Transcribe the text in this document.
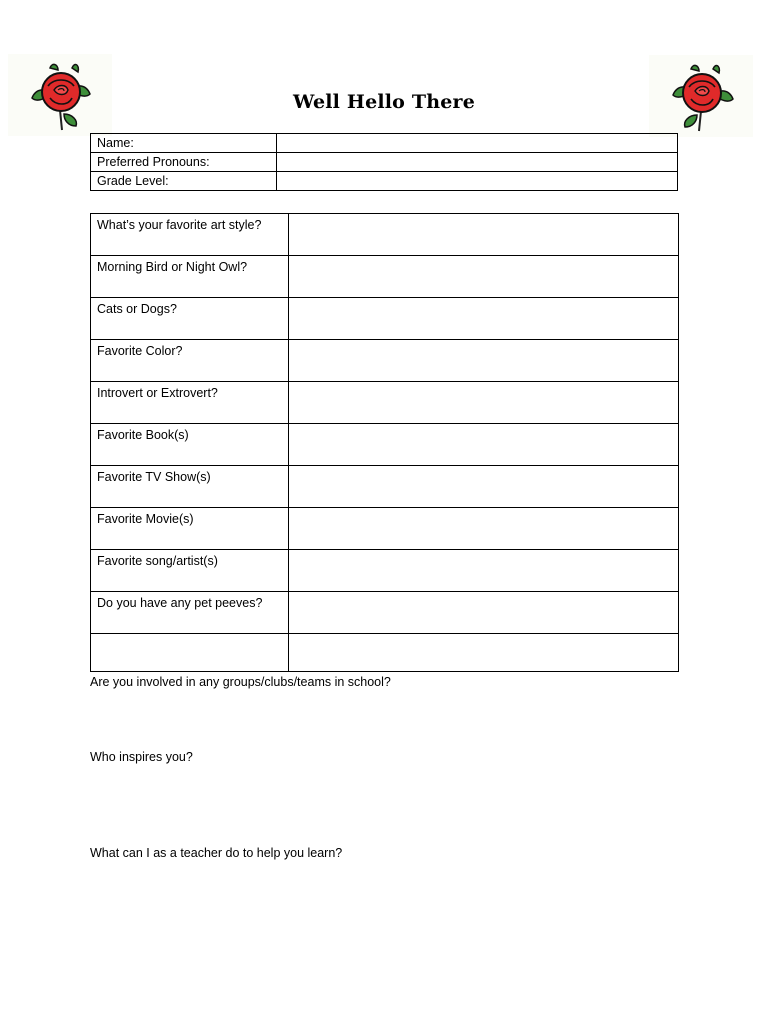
Well Hello There
Name:	
Preferred Pronouns:	
Grade Level:	
What’s your favorite art style?	
Morning Bird or Night Owl?	
Cats or Dogs?	
Favorite Color?	
Introvert or Extrovert?	
Favorite Book(s)	
Favorite TV Show(s)	
Favorite Movie(s)	
Favorite song/artist(s)	
Do you have any pet peeves?	

Are you involved in any groups/clubs/teams in school?
Who inspires you?
What can I as a teacher do to help you learn?
